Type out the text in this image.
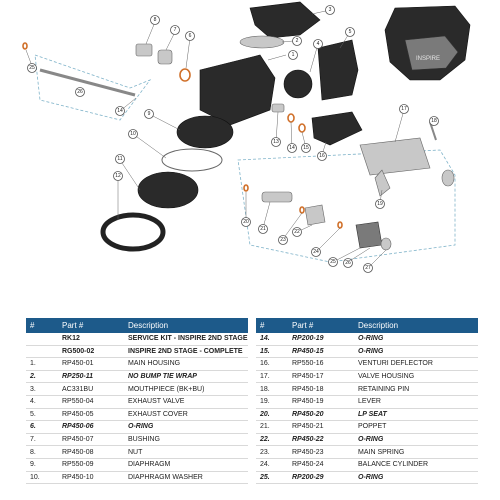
INSPIRE
1
2
3
4
5
6
7
8
9
10
11
12
13
14
14
15
16
17
18
19
20
21	22
23
24
25
25
26
26
27
#	Part #	Description
	RK12	SERVICE KIT - INSPIRE 2ND STAGE
	RG500-02	INSPIRE 2ND STAGE - COMPLETE
1.	RP450-01	MAIN HOUSING
2.	RP250-11	NO BUMP TIE WRAP
3.	AC331BU	MOUTHPIECE (BK+BU)
4.	RP550-04	EXHAUST VALVE
5.	RP450-05	EXHAUST COVER
6.	RP450-06	O-RING
7.	RP450-07	BUSHING
8.	RP450-08	NUT
9.	RP550-09	DIAPHRAGM
10.	RP450-10	DIAPHRAGM WASHER
#	Part #	Description
14.	RP200-19	O-RING
15.	RP450-15	O-RING
16.	RP550-16	VENTURI DEFLECTOR
17.	RP450-17	VALVE HOUSING
18.	RP450-18	RETAINING PIN
19.	RP450-19	LEVER
20.	RP450-20	LP SEAT
21.	RP450-21	POPPET
22.	RP450-22	O-RING
23.	RP450-23	MAIN SPRING
24.	RP450-24	BALANCE CYLINDER
25.	RP200-29	O-RING
